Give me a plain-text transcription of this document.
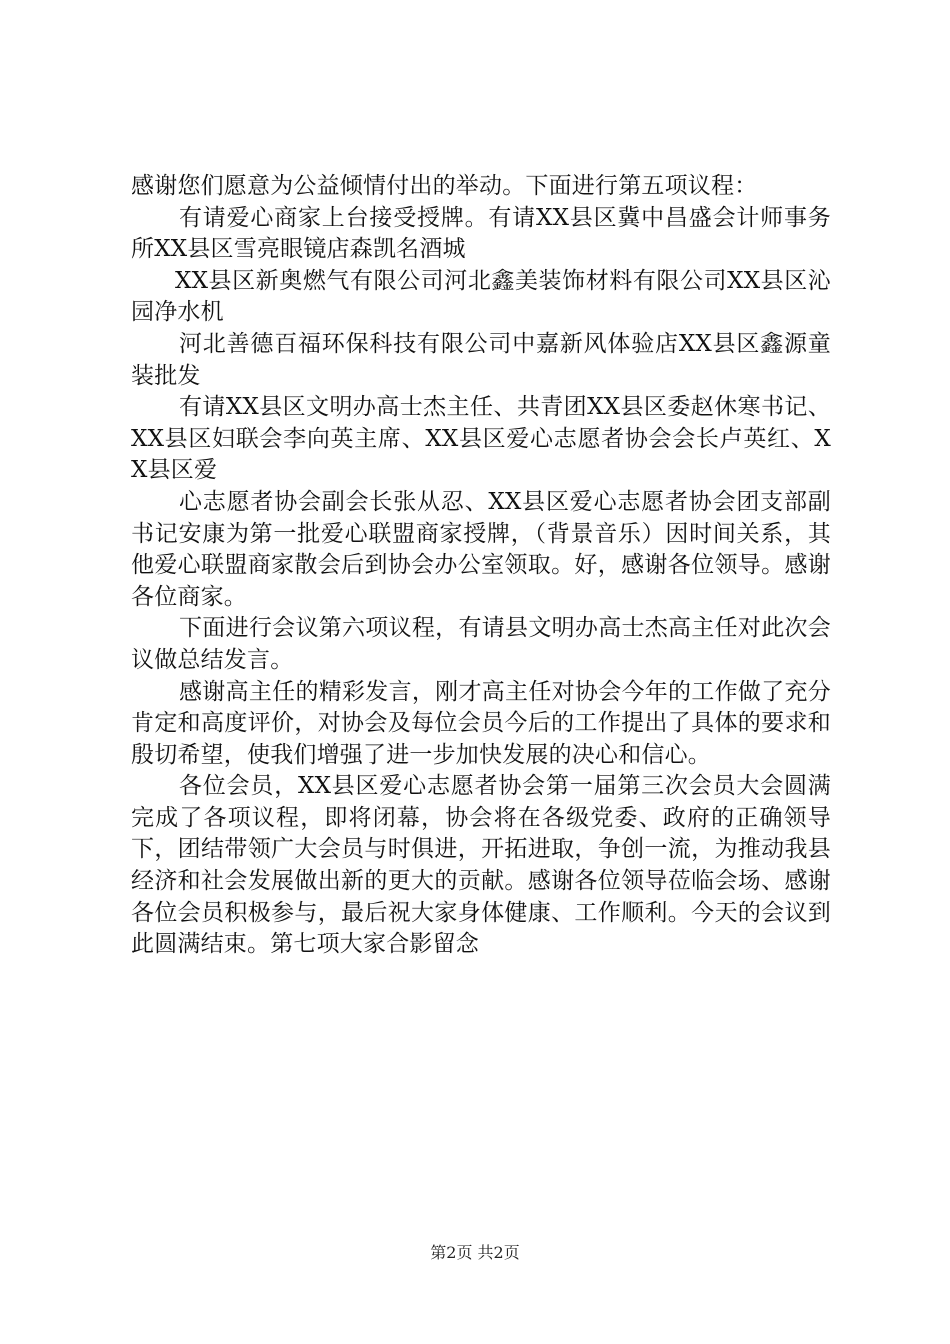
感谢您们愿意为公益倾情付出的举动。下面进行第五项议程：

有请爱心商家上台接受授牌。有请XX县区冀中昌盛会计师事务所XX县区雪亮眼镜店森凯名酒城

XX县区新奥燃气有限公司河北鑫美装饰材料有限公司XX县区沁园净水机

河北善德百福环保科技有限公司中嘉新风体验店XX县区鑫源童装批发

有请XX县区文明办高士杰主任、共青团XX县区委赵休寒书记、XX县区妇联会李向英主席、XX县区爱心志愿者协会会长卢英红、XX县区爱

心志愿者协会副会长张从忍、XX县区爱心志愿者协会团支部副书记安康为第一批爱心联盟商家授牌，（背景音乐）因时间关系，其他爱心联盟商家散会后到协会办公室领取。好，感谢各位领导。感谢各位商家。

下面进行会议第六项议程，有请县文明办高士杰高主任对此次会议做总结发言。

感谢高主任的精彩发言，刚才高主任对协会今年的工作做了充分肯定和高度评价，对协会及每位会员今后的工作提出了具体的要求和殷切希望，使我们增强了进一步加快发展的决心和信心。

各位会员，XX县区爱心志愿者协会第一届第三次会员大会圆满完成了各项议程，即将闭幕，协会将在各级党委、政府的正确领导下，团结带领广大会员与时俱进，开拓进取，争创一流，为推动我县经济和社会发展做出新的更大的贡献。感谢各位领导莅临会场、感谢各位会员积极参与，最后祝大家身体健康、工作顺利。今天的会议到此圆满结束。第七项大家合影留念

第2页 共2页
